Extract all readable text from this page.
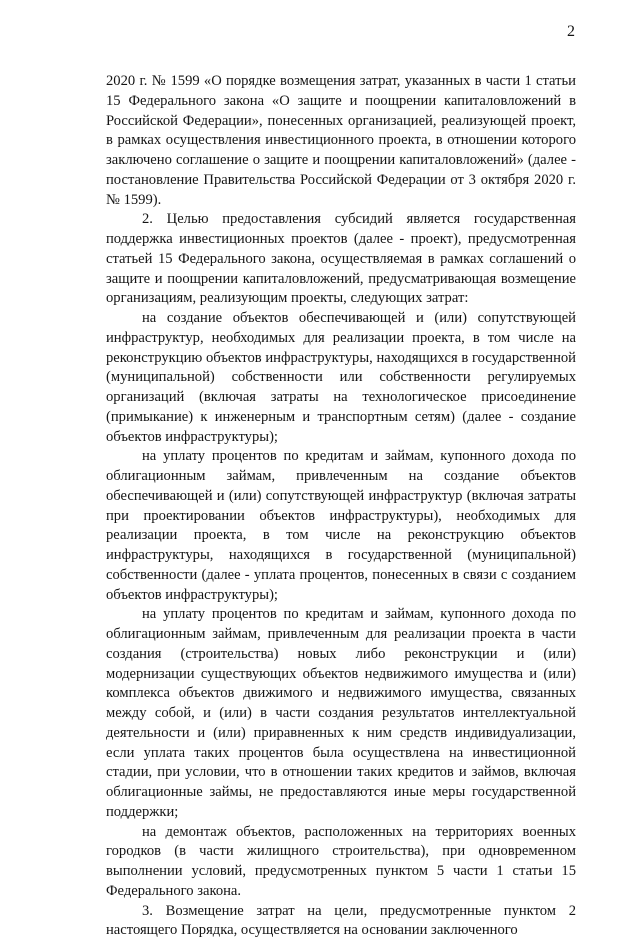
2

2020 г. № 1599 «О порядке возмещения затрат, указанных в части 1 статьи 15 Федерального закона «О защите и поощрении капиталовложений в Российской Федерации», понесенных организацией, реализующей проект, в рамках осуществления инвестиционного проекта, в отношении которого заключено соглашение о защите и поощрении капиталовложений» (далее - постановление Правительства Российской Федерации от 3 октября 2020 г. № 1599).

2. Целью предоставления субсидий является государственная поддержка инвестиционных проектов (далее - проект), предусмотренная статьей 15 Федерального закона, осуществляемая в рамках соглашений о защите и поощрении капиталовложений, предусматривающая возмещение организациям, реализующим проекты, следующих затрат:

на создание объектов обеспечивающей и (или) сопутствующей инфраструктур, необходимых для реализации проекта, в том числе на реконструкцию объектов инфраструктуры, находящихся в государственной (муниципальной) собственности или собственности регулируемых организаций (включая затраты на технологическое присоединение (примыкание) к инженерным и транспортным сетям) (далее - создание объектов инфраструктуры);

на уплату процентов по кредитам и займам, купонного дохода по облигационным займам, привлеченным на создание объектов обеспечивающей и (или) сопутствующей инфраструктур (включая затраты при проектировании объектов инфраструктуры), необходимых для реализации проекта, в том числе на реконструкцию объектов инфраструктуры, находящихся в государственной (муниципальной) собственности (далее - уплата процентов, понесенных в связи с созданием объектов инфраструктуры);

на уплату процентов по кредитам и займам, купонного дохода по облигационным займам, привлеченным для реализации проекта в части создания (строительства) новых либо реконструкции и (или) модернизации существующих объектов недвижимого имущества и (или) комплекса объектов движимого и недвижимого имущества, связанных между собой, и (или) в части создания результатов интеллектуальной деятельности и (или) приравненных к ним средств индивидуализации, если уплата таких процентов была осуществлена на инвестиционной стадии, при условии, что в отношении таких кредитов и займов, включая облигационные займы, не предоставляются иные меры государственной поддержки;

на демонтаж объектов, расположенных на территориях военных городков (в части жилищного строительства), при одновременном выполнении условий, предусмотренных пунктом 5 части 1 статьи 15 Федерального закона.

3. Возмещение затрат на цели, предусмотренные пунктом 2 настоящего Порядка, осуществляется на основании заключенного
